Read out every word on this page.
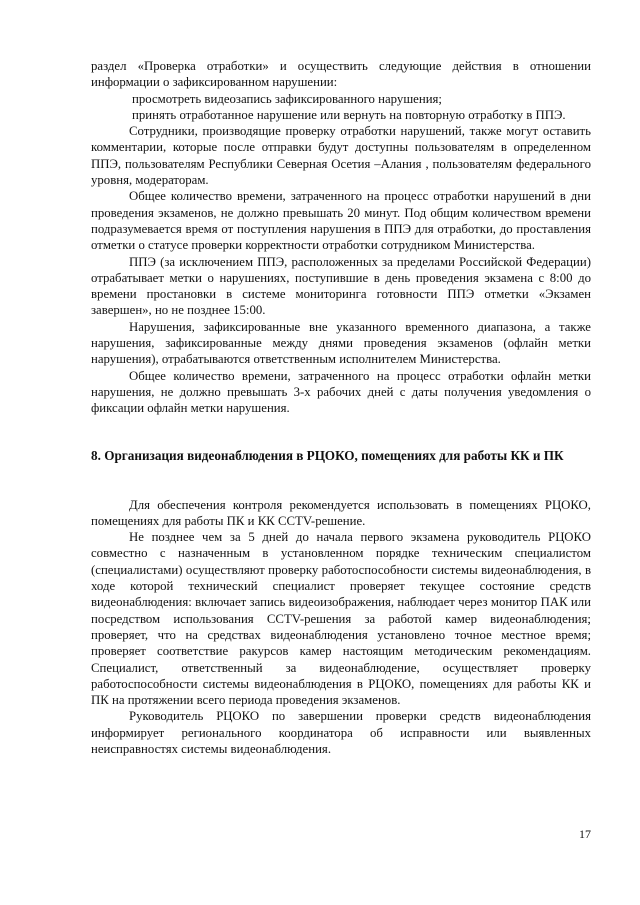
раздел «Проверка отработки» и осуществить следующие действия в отношении информации о зафиксированном нарушении:

просмотреть видеозапись зафиксированного нарушения;

принять отработанное нарушение или вернуть на повторную отработку в ППЭ.

Сотрудники, производящие проверку отработки нарушений, также могут оставить комментарии, которые после отправки будут доступны пользователям в определенном ППЭ, пользователям Республики Северная Осетия –Алания , пользователям федерального уровня, модераторам.

Общее количество времени, затраченного на процесс отработки нарушений в дни проведения экзаменов, не должно превышать 20 минут. Под общим количеством времени подразумевается время от поступления нарушения в ППЭ для отработки, до проставления отметки о статусе проверки корректности отработки сотрудником Министерства.

ППЭ (за исключением ППЭ, расположенных за пределами Российской Федерации) отрабатывает метки о нарушениях, поступившие в день проведения экзамена с 8:00 до времени простановки в системе мониторинга готовности ППЭ отметки «Экзамен завершен», но не позднее 15:00.

Нарушения, зафиксированные вне указанного временного диапазона, а также нарушения, зафиксированные между днями проведения экзаменов (офлайн метки нарушения), отрабатываются ответственным исполнителем Министерства.

Общее количество времени, затраченного на процесс отработки офлайн метки нарушения, не должно превышать 3-х рабочих дней с даты получения уведомления о фиксации офлайн метки нарушения.

8. Организация видеонаблюдения в РЦОКО, помещениях для работы КК и ПК

Для обеспечения контроля рекомендуется использовать в помещениях РЦОКО, помещениях для работы ПК и КК CCTV-решение.

Не позднее чем за 5 дней до начала первого экзамена руководитель РЦОКО совместно с назначенным в установленном порядке техническим специалистом (специалистами) осуществляют проверку работоспособности системы видеонаблюдения, в ходе которой технический специалист проверяет текущее состояние средств видеонаблюдения: включает запись видеоизображения, наблюдает через монитор ПАК или посредством использования CCTV-решения за работой камер видеонаблюдения; проверяет, что на средствах видеонаблюдения установлено точное местное время; проверяет соответствие ракурсов камер настоящим методическим рекомендациям. Специалист, ответственный за видеонаблюдение, осуществляет проверку работоспособности системы видеонаблюдения в РЦОКО, помещениях для работы КК и ПК на протяжении всего периода проведения экзаменов.

Руководитель РЦОКО по завершении проверки средств видеонаблюдения информирует регионального координатора об исправности или выявленных неисправностях системы видеонаблюдения.

17
